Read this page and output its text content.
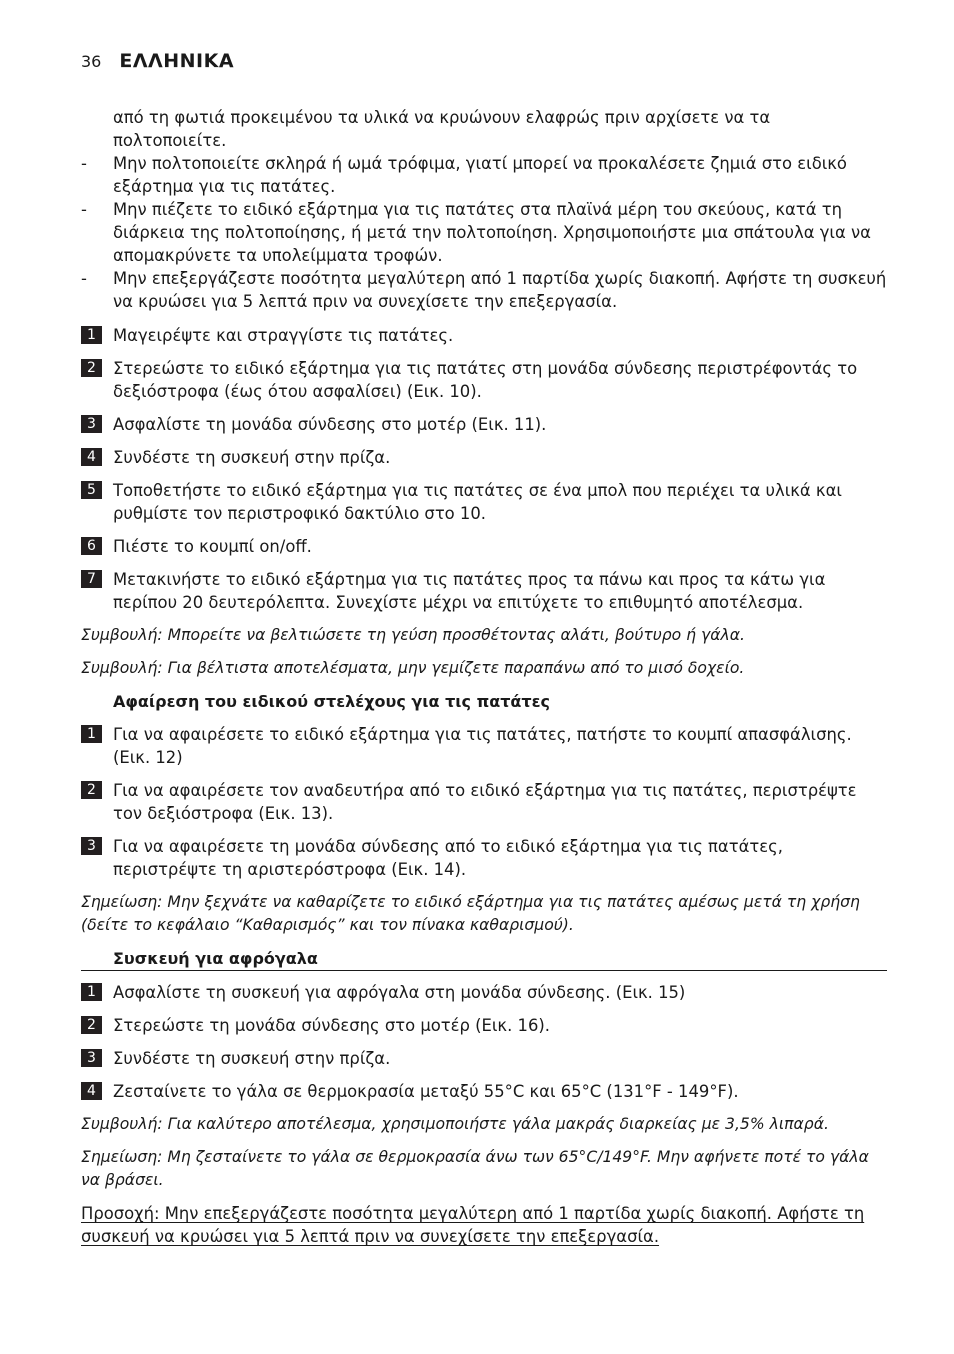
36 ΕΛΛΗΝΙΚΑ
από τη φωτιά προκειμένου τα υλικά να κρυώνουν ελαφρώς πριν αρχίσετε να τα πολτοποιείτε.
-	Μην πολτοποιείτε σκληρά ή ωμά τρόφιμα, γιατί μπορεί να προκαλέσετε ζημιά στο ειδικό εξάρτημα για τις πατάτες.
-	Μην πιέζετε το ειδικό εξάρτημα για τις πατάτες στα πλαϊνά μέρη του σκεύους, κατά τη διάρκεια της πολτοποίησης, ή μετά την πολτοποίηση. Χρησιμοποιήστε μια σπάτουλα για να απομακρύνετε τα υπολείμματα τροφών.
-	Μην επεξεργάζεστε ποσότητα μεγαλύτερη από 1 παρτίδα χωρίς διακοπή. Αφήστε τη συσκευή να κρυώσει για 5 λεπτά πριν να συνεχίσετε την επεξεργασία.
1	Μαγειρέψτε και στραγγίστε τις πατάτες.
2	Στερεώστε το ειδικό εξάρτημα για τις πατάτες στη μονάδα σύνδεσης περιστρέφοντάς το δεξιόστροφα (έως ότου ασφαλίσει) (Εικ. 10).
3	Ασφαλίστε τη μονάδα σύνδεσης στο μοτέρ (Εικ. 11).
4	Συνδέστε τη συσκευή στην πρίζα.
5	Τοποθετήστε το ειδικό εξάρτημα για τις πατάτες σε ένα μπολ που περιέχει τα υλικά και ρυθμίστε τον περιστροφικό δακτύλιο στο 10.
6	Πιέστε το κουμπί on/off.
7	Μετακινήστε το ειδικό εξάρτημα για τις πατάτες προς τα πάνω και προς τα κάτω για περίπου 20 δευτερόλεπτα. Συνεχίστε μέχρι να επιτύχετε το επιθυμητό αποτέλεσμα.
Συμβουλή: Μπορείτε να βελτιώσετε τη γεύση προσθέτοντας αλάτι, βούτυρο ή γάλα.
Συμβουλή: Για βέλτιστα αποτελέσματα, μην γεμίζετε παραπάνω από το μισό δοχείο.
Αφαίρεση του ειδικού στελέχους για τις πατάτες
1	Για να αφαιρέσετε το ειδικό εξάρτημα για τις πατάτες, πατήστε το κουμπί απασφάλισης. (Εικ. 12)
2	Για να αφαιρέσετε τον αναδευτήρα από το ειδικό εξάρτημα για τις πατάτες, περιστρέψτε τον δεξιόστροφα (Εικ. 13).
3	Για να αφαιρέσετε τη μονάδα σύνδεσης από το ειδικό εξάρτημα για τις πατάτες, περιστρέψτε τη αριστερόστροφα (Εικ. 14).
Σημείωση: Μην ξεχνάτε να καθαρίζετε το ειδικό εξάρτημα για τις πατάτες αμέσως μετά τη χρήση (δείτε το κεφάλαιο “Καθαρισμός” και τον πίνακα καθαρισμού).
Συσκευή για αφρόγαλα
1	Ασφαλίστε τη συσκευή για αφρόγαλα στη μονάδα σύνδεσης. (Εικ. 15)
2	Στερεώστε τη μονάδα σύνδεσης στο μοτέρ (Εικ. 16).
3	Συνδέστε τη συσκευή στην πρίζα.
4	Ζεσταίνετε το γάλα σε θερμοκρασία μεταξύ 55°C και 65°C (131°F - 149°F).
Συμβουλή: Για καλύτερο αποτέλεσμα, χρησιμοποιήστε γάλα μακράς διαρκείας με 3,5% λιπαρά.
Σημείωση: Μη ζεσταίνετε το γάλα σε θερμοκρασία άνω των 65°C/149°F. Μην αφήνετε ποτέ το γάλα να βράσει.
Προσοχή: Μην επεξεργάζεστε ποσότητα μεγαλύτερη από 1 παρτίδα χωρίς διακοπή. Αφήστε τη συσκευή να κρυώσει για 5 λεπτά πριν να συνεχίσετε την επεξεργασία.
